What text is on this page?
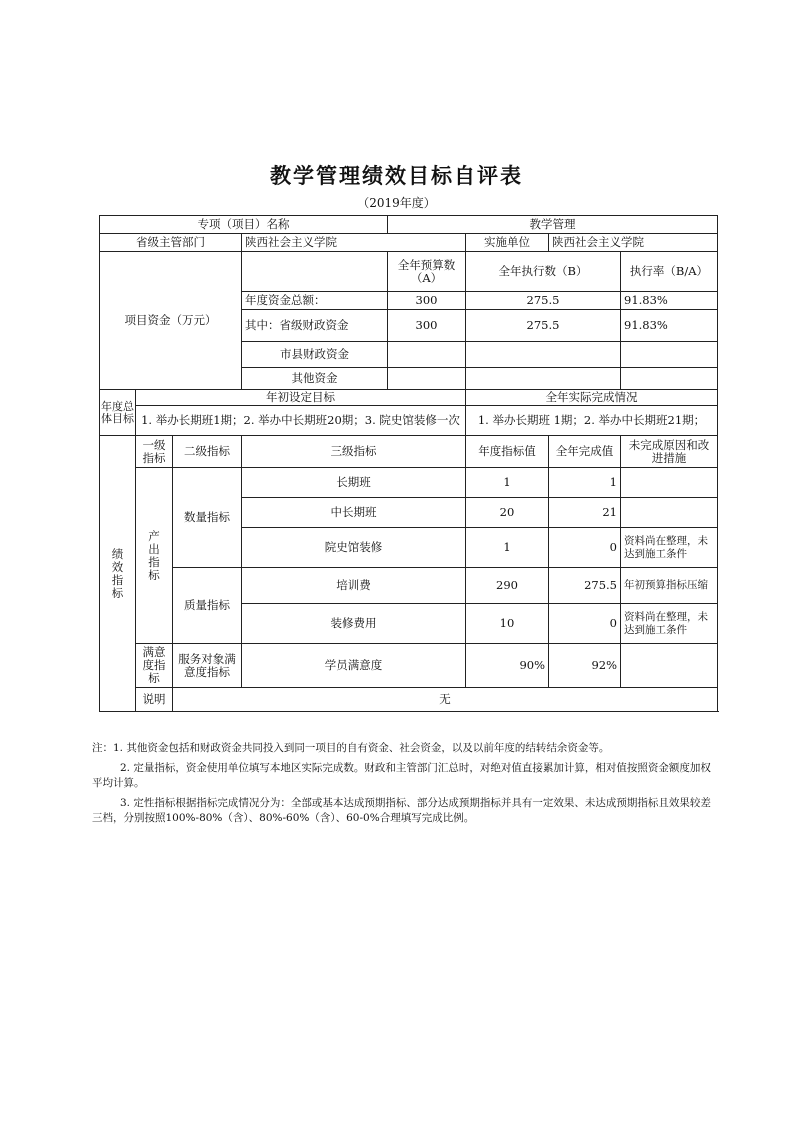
教学管理绩效目标自评表
（2019年度）
专项（项目）名称				教学管理			
省级主管部门			陕西社会主义学院		实施单位	陕西社会主义学院	
项目资金（万元）				全年预算数（A）	全年执行数（B）		执行率（B/A）
			年度资金总额：	300	275.5		91.83%
			其中：省级财政资金	300	275.5		91.83%
			市县财政资金				
			其他资金				
年度总体目标	年初设定目标				全年实际完成情况		
	1. 举办长期班1期；2. 举办中长期班20期；3. 院史馆装修一次				1. 举办长期班 1期；2. 举办中长期班21期；		
绩效指标	一级指标	二级指标	三级指标		年度指标值	全年完成值	未完成原因和改进措施
	产出指标	数量指标	长期班		1	1	
			中长期班		20	21	
			院史馆装修		1	0	资料尚在整理，未达到施工条件
		质量指标	培训费		290	275.5	年初预算指标压缩
			装修费用		10	0	资料尚在整理，未达到施工条件
	满意度指标	服务对象满意度指标	学员满意度		90%	92%	
	说明	无					

注：1. 其他资金包括和财政资金共同投入到同一项目的自有资金、社会资金，以及以前年度的结转结余资金等。

2. 定量指标，资金使用单位填写本地区实际完成数。财政和主管部门汇总时，对绝对值直接累加计算，相对值按照资金额度加权平均计算。

3. 定性指标根据指标完成情况分为：全部或基本达成预期指标、部分达成预期指标并具有一定效果、未达成预期指标且效果较差三档，分别按照100%-80%（含）、80%-60%（含）、60-0%合理填写完成比例。
